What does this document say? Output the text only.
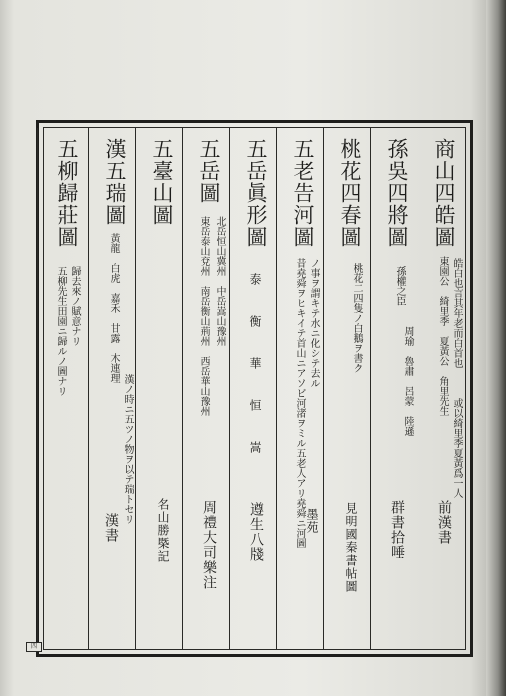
商山四皓圖
皓白也言其年老而白首也
東園公　綺里季　夏黃公　角里先生
或以綺里季夏黃爲一人
前漢書
孫吳四將圖
孫權之臣
周瑜　魯肅　呂蒙　陸遜
群書拾唾
桃花四春圖
桃花二四隻ノ白鵝ヲ書ク
見明國秦書帖圖
五老告河圖
昔堯舜ヲヒキイテ首山ニアソビ河渚ヲミル五老人アリ堯舜ニ河圖 ノ事ヲ謂キテ水ニ化シテ去ル
墨苑
五岳眞形圖
泰　衡　華　恒　嵩
遵生八牋
五岳圖
東岳泰山兗州　南岳衡山荊州　西岳華山豫州 北岳恒山冀州　中岳嵩山豫州
周禮大司樂注
五臺山圖
名山勝槩記
漢五瑞圖
黃龍　白虎　嘉禾　甘露　木連理
漢ノ時ニ五ツノ物ヲ以テ瑞トセリ
漢書
五柳歸莊圖
五柳先生田園ニ歸ルノ圖ナリ 歸去來ノ賦意ナリ
四
